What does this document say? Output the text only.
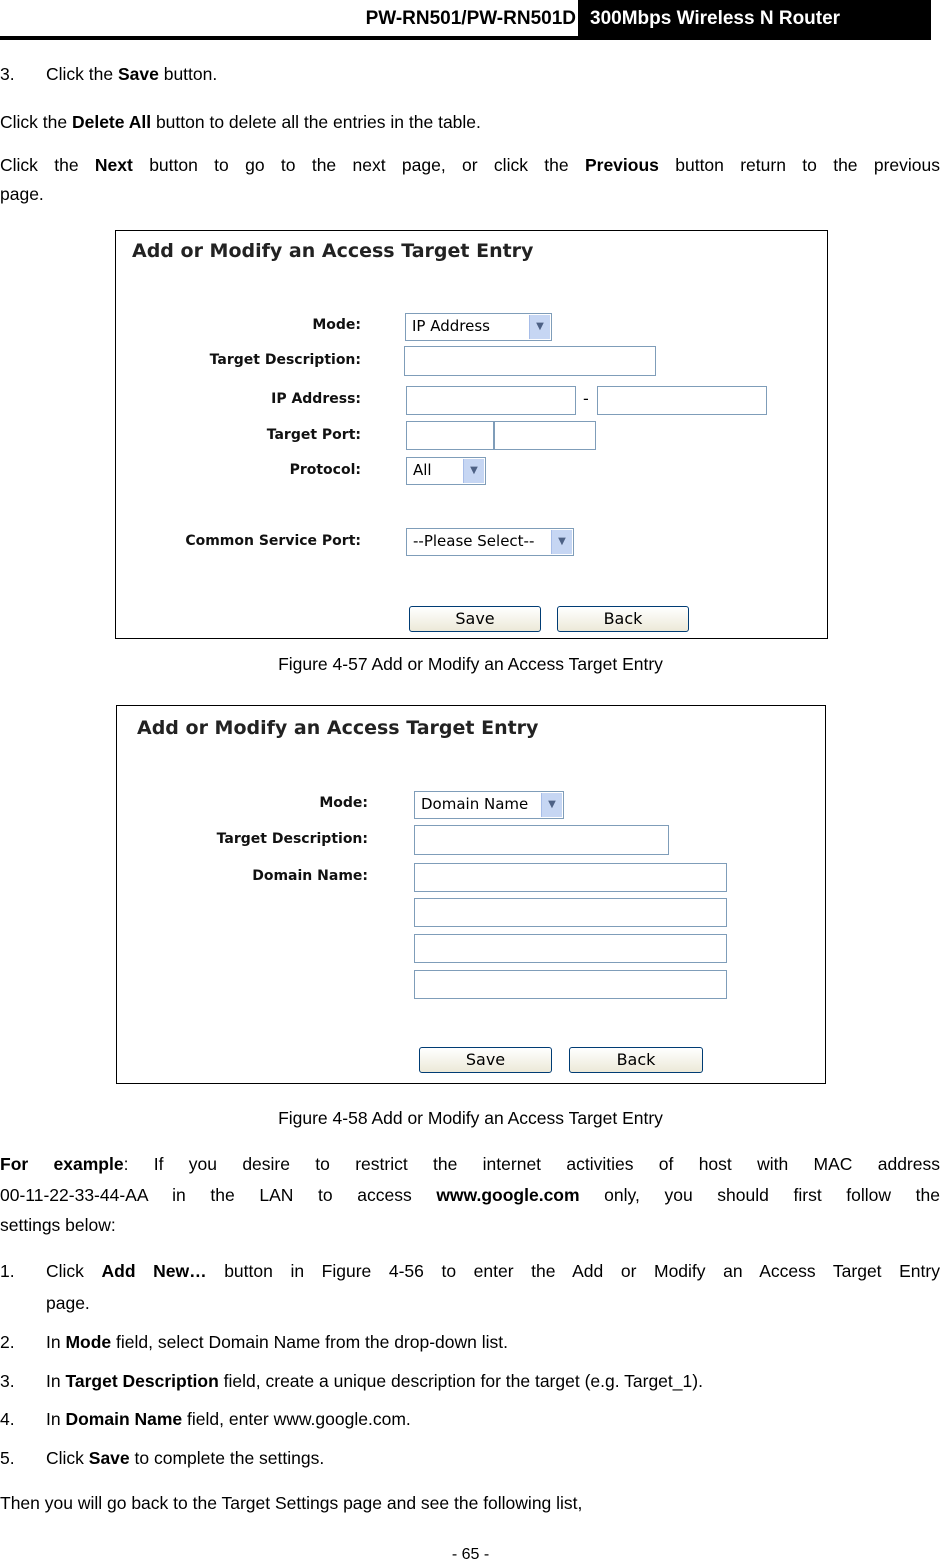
PW-RN501/PW-RN501D 300Mbps Wireless N Router
3. Click the Save button.
Click the Delete All button to delete all the entries in the table.
Click the Next button to go to the next page, or click the Previous button return to the previous
page.
Add or Modify an Access Target Entry
Mode:	IP Address	▼
Target Description:
IP Address:	-
Target Port:
Protocol:	All	▼
Common Service Port:	--Please Select--	▼
Save	Back
Figure 4-57 Add or Modify an Access Target Entry
Add or Modify an Access Target Entry
Mode:	Domain Name	▼
Target Description:
Domain Name:
Save	Back
Figure 4-58 Add or Modify an Access Target Entry
For example: If you desire to restrict the internet activities of host with MAC address
00-11-22-33-44-AA in the LAN to access www.google.com only, you should first follow the
settings below:
1. Click Add New… button in Figure 4-56 to enter the Add or Modify an Access Target Entry
page.
2. In Mode field, select Domain Name from the drop-down list.
3. In Target Description field, create a unique description for the target (e.g. Target_1).
4. In Domain Name field, enter www.google.com.
5. Click Save to complete the settings.
Then you will go back to the Target Settings page and see the following list,
- 65 -
